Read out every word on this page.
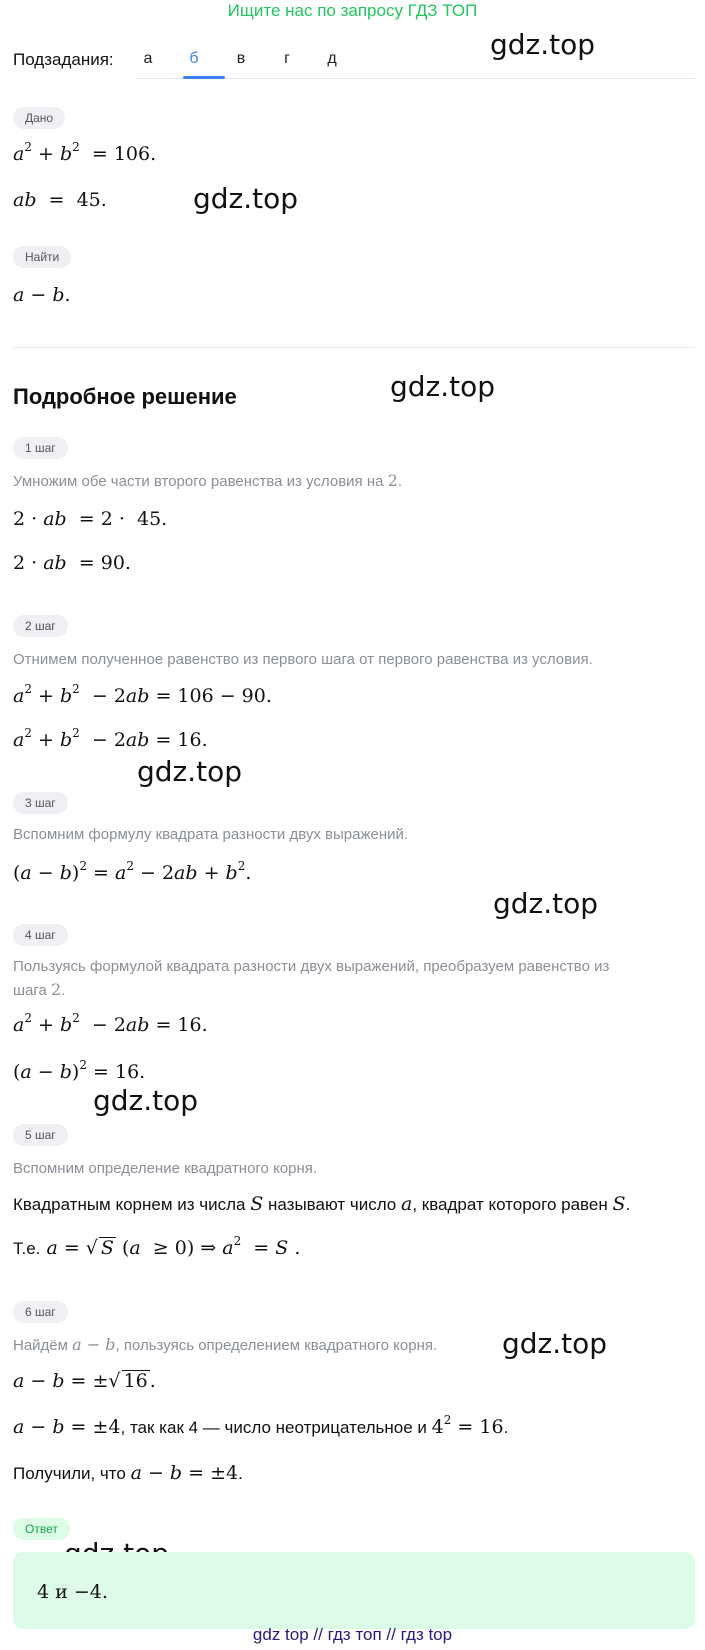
Ищите нас по запросу ГДЗ ТОП
Подзадания:	а	б	в	г	д	gdz.top
gdz.top
gdz.top
gdz.top
gdz.top
gdz.top
gdz.top
Дано
$a^2 + b^2 = 106$.
ab  =  45.
Найти
a − b.
Подробное решение
1 шаг
Умножим обе части второго равенства из условия на 2.
2 · ab  = 2 ·  45.
2 · ab  = 90.
2 шаг
Отнимем полученное равенство из первого шага от первого равенства из условия.
$a^2 + b^2 - 2ab = 106 - 90$.
$a^2 + b^2 - 2ab = 16$.
3 шаг
Вспомним формулу квадрата разности двух выражений.
$(a - b)^2 = a^2 - 2ab + b^2$.
4 шаг
Пользуясь формулой квадрата разности двух выражений, преобразуем равенство из
шага 2.
$a^2 + b^2 - 2ab = 16$.
$(a - b)^2 = 16$.
5 шаг
Вспомним определение квадратного корня.
Квадратным корнем из числа S называют число a, квадрат которого равен S.
Т.е. a = √ S (a  ≥ 0) ⇒ $a^2 = S$ .
6 шаг
Найдём a − b, пользуясь определением квадратного корня.
a − b = ±√ 16 .
a − b = ±4, так как 4 — число неотрицательное и $4^2 = 16$.
Получили, что a − b = ±4.
Ответ
4 и −4.
gdz top // гдз топ // гдз top
